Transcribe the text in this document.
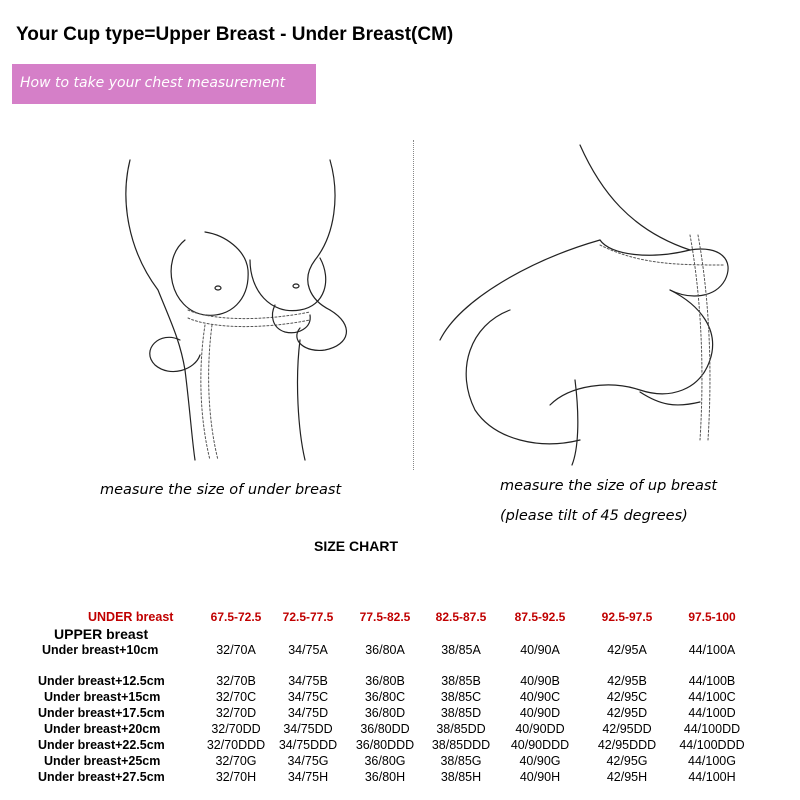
Your Cup type=Upper Breast - Under Breast(CM)
How to take your chest measurement
measure the size of under breast	measure the size of up breast
(please tilt of 45 degrees)
SIZE CHART
UNDER breast
UPPER breast
67.5-72.5	72.5-77.5	77.5-82.5	82.5-87.5	87.5-92.5	92.5-97.5	97.5-100
Under breast+10cm	32/70A	34/75A	36/80A	38/85A	40/90A	42/95A	44/100A
Under breast+12.5cm	32/70B	34/75B	36/80B	38/85B	40/90B	42/95B	44/100B
Under breast+15cm	32/70C	34/75C	36/80C	38/85C	40/90C	42/95C	44/100C
Under breast+17.5cm	32/70D	34/75D	36/80D	38/85D	40/90D	42/95D	44/100D
Under breast+20cm	32/70DD	34/75DD	36/80DD	38/85DD	40/90DD	42/95DD	44/100DD
Under breast+22.5cm	32/70DDD	34/75DDD	36/80DDD	38/85DDD	40/90DDD	42/95DDD	44/100DDD
Under breast+25cm	32/70G	34/75G	36/80G	38/85G	40/90G	42/95G	44/100G
Under breast+27.5cm	32/70H	34/75H	36/80H	38/85H	40/90H	42/95H	44/100H
